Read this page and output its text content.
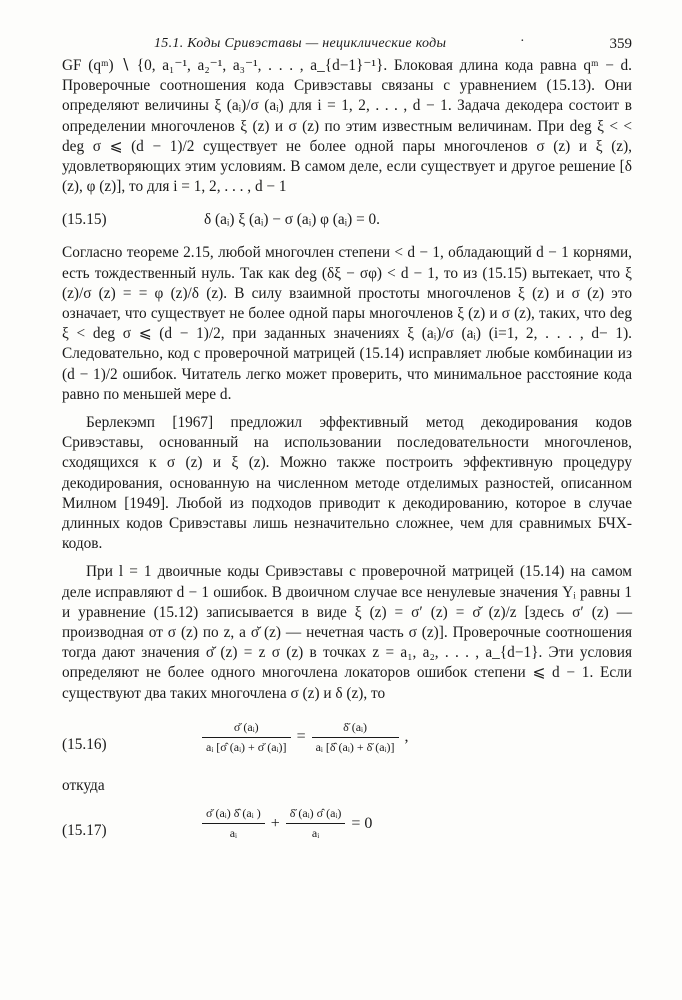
15.1. Коды Сривэставы — нециклические коды	·	359

GF (qᵐ) ∖ {0, a₁⁻¹, a₂⁻¹, a₃⁻¹, . . . , a_{d−1}⁻¹}. Блоковая длина кода равна qᵐ − d. Проверочные соотношения кода Сривэставы связаны с уравнением (15.13). Они определяют величины ξ (aᵢ)/σ (aᵢ) для i = 1, 2, . . . , d − 1. Задача декодера состоит в определении многочленов ξ (z) и σ (z) по этим известным величинам. При deg ξ < < deg σ ⩽ (d − 1)/2 существует не более одной пары многочленов σ (z) и ξ (z), удовлетворяющих этим условиям. В самом деле, если существует и другое решение [δ (z), φ (z)], то для i = 1, 2, . . . , d − 1

(15.15)	δ (aᵢ) ξ (aᵢ) − σ (aᵢ) φ (aᵢ) = 0.

Согласно теореме 2.15, любой многочлен степени < d − 1, обладающий d − 1 корнями, есть тождественный нуль. Так как deg (δξ − σφ) < d − 1, то из (15.15) вытекает, что ξ (z)/σ (z) = = φ (z)/δ (z). В силу взаимной простоты многочленов ξ (z) и σ (z) это означает, что существует не более одной пары многочленов ξ (z) и σ (z), таких, что deg ξ < deg σ ⩽ (d − 1)/2, при заданных значениях ξ (aᵢ)/σ (aᵢ) (i=1, 2, . . . , d− 1). Следовательно, код с проверочной матрицей (15.14) исправляет любые комбинации из (d − 1)/2 ошибок. Читатель легко может проверить, что минимальное расстояние кода равно по меньшей мере d.

Берлекэмп [1967] предложил эффективный метод декодирования кодов Сривэставы, основанный на использовании последовательности многочленов, сходящихся к σ (z) и ξ (z). Можно также построить эффективную процедуру декодирования, основанную на численном методе отделимых разностей, описанном Милном [1949]. Любой из подходов приводит к декодированию, которое в случае длинных кодов Сривэставы лишь незначительно сложнее, чем для сравнимых БЧХ-кодов.

При l = 1 двоичные коды Сривэставы с проверочной матрицей (15.14) на самом деле исправляют d − 1 ошибок. В двоичном случае все ненулевые значения Yᵢ равны 1 и уравнение (15.12) записывается в виде ξ (z) = σ′ (z) = σ̆ (z)/z [здесь σ′ (z) — производная от σ (z) по z, а σ̆ (z) — нечетная часть σ (z)]. Проверочные соотношения тогда дают значения σ̆ (z) = z σ (z) в точках z = a₁, a₂, . . . , a_{d−1}. Эти условия определяют не более одного многочлена локаторов ошибок степени ⩽ d − 1. Если существуют два таких многочлена σ (z) и δ (z), то

(15.16)	$\frac{\text{σ̆ (aᵢ)}}{\text{aᵢ [σ̂ (aᵢ) + σ̆ (aᵢ)]}} = \frac{\text{δ̆ (aᵢ)}}{\text{aᵢ [δ̂ (aᵢ) + δ̆ (aᵢ)]}}$ ,

откуда

(15.17)	$\frac{\text{σ̆ (aᵢ) δ̂ (aᵢ )}}{\text{aᵢ}} + \frac{\text{δ̆ (aᵢ) σ̂ (aᵢ)}}{\text{aᵢ}} = 0$
